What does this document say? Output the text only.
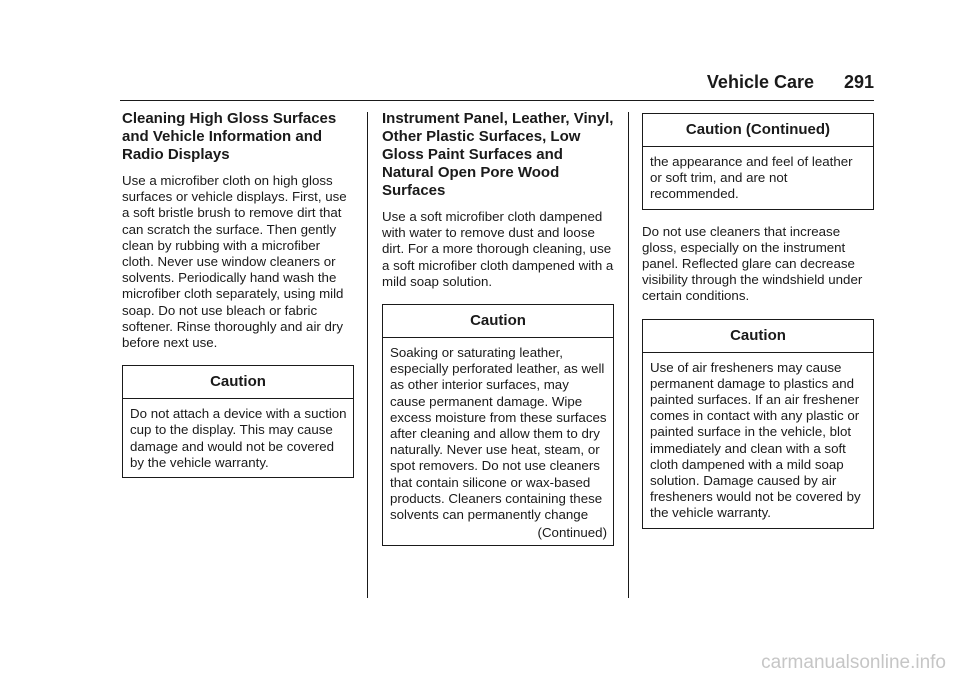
Vehicle Care 291
Cleaning High Gloss Surfaces and Vehicle Information and Radio Displays

Use a microfiber cloth on high gloss surfaces or vehicle displays. First, use a soft bristle brush to remove dirt that can scratch the surface. Then gently clean by rubbing with a microfiber cloth. Never use window cleaners or solvents. Periodically hand wash the microfiber cloth separately, using mild soap. Do not use bleach or fabric softener. Rinse thoroughly and air dry before next use.

Caution
Do not attach a device with a suction cup to the display. This may cause damage and would not be covered by the vehicle warranty.
Instrument Panel, Leather, Vinyl, Other Plastic Surfaces, Low Gloss Paint Surfaces and Natural Open Pore Wood Surfaces

Use a soft microfiber cloth dampened with water to remove dust and loose dirt. For a more thorough cleaning, use a soft microfiber cloth dampened with a mild soap solution.

Caution
Soaking or saturating leather, especially perforated leather, as well as other interior surfaces, may cause permanent damage. Wipe excess moisture from these surfaces after cleaning and allow them to dry naturally. Never use heat, steam, or spot removers. Do not use cleaners that contain silicone or wax-based products. Cleaners containing these solvents can permanently change
(Continued)
Caution (Continued)
the appearance and feel of leather or soft trim, and are not recommended.

Do not use cleaners that increase gloss, especially on the instrument panel. Reflected glare can decrease visibility through the windshield under certain conditions.

Caution
Use of air fresheners may cause permanent damage to plastics and painted surfaces. If an air freshener comes in contact with any plastic or painted surface in the vehicle, blot immediately and clean with a soft cloth dampened with a mild soap solution. Damage caused by air fresheners would not be covered by the vehicle warranty.
carmanualsonline.info
